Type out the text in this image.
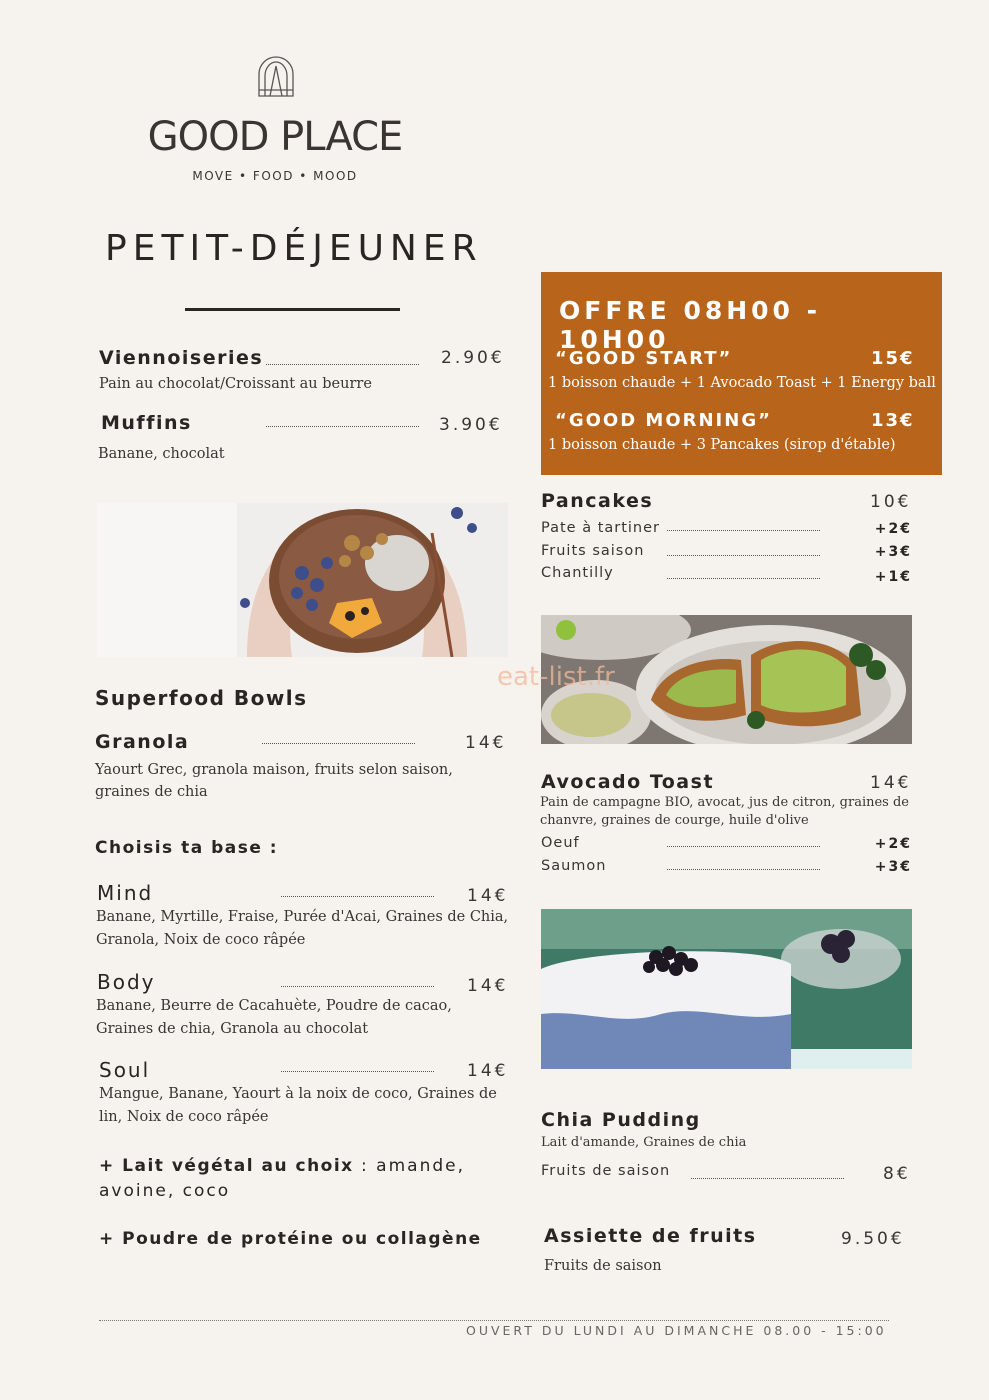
GOOD PLACE
MOVE • FOOD • MOOD
PETIT-DÉJEUNER
Viennoiseries	2.90€
Pain au chocolat/Croissant au beurre
Muffins	3.90€
Banane, chocolat
Superfood Bowls
Granola	14€
Yaourt Grec, granola maison, fruits selon saison,
graines de chia
Choisis ta base :
Mind	14€
Banane, Myrtille, Fraise, Purée d'Acai, Graines de Chia,
Granola, Noix de coco râpée
Body	14€
Banane, Beurre de Cacahuète, Poudre de cacao,
Graines de chia, Granola au chocolat
Soul	14€
Mangue, Banane, Yaourt à la noix de coco, Graines de
lin, Noix de coco râpée
+ Lait végétal au choix : amande,
avoine, coco
+ Poudre de protéine ou collagène
OFFRE 08H00 - 10H00
“GOOD START”	15€
1 boisson chaude + 1 Avocado Toast + 1 Energy ball
“GOOD MORNING”	13€
1 boisson chaude + 3 Pancakes (sirop d'étable)
Pancakes	10€
Pate à tartiner	+2€
Fruits saison	+3€
Chantilly	+1€
eat-list.fr
Avocado Toast	14€
Pain de campagne BIO, avocat, jus de citron, graines de
chanvre, graines de courge, huile d'olive
Oeuf	+2€
Saumon	+3€
Chia Pudding
Lait d'amande, Graines de chia
Fruits de saison	8€
Assiette de fruits	9.50€
Fruits de saison
OUVERT DU LUNDI AU DIMANCHE 08.00 - 15:00
